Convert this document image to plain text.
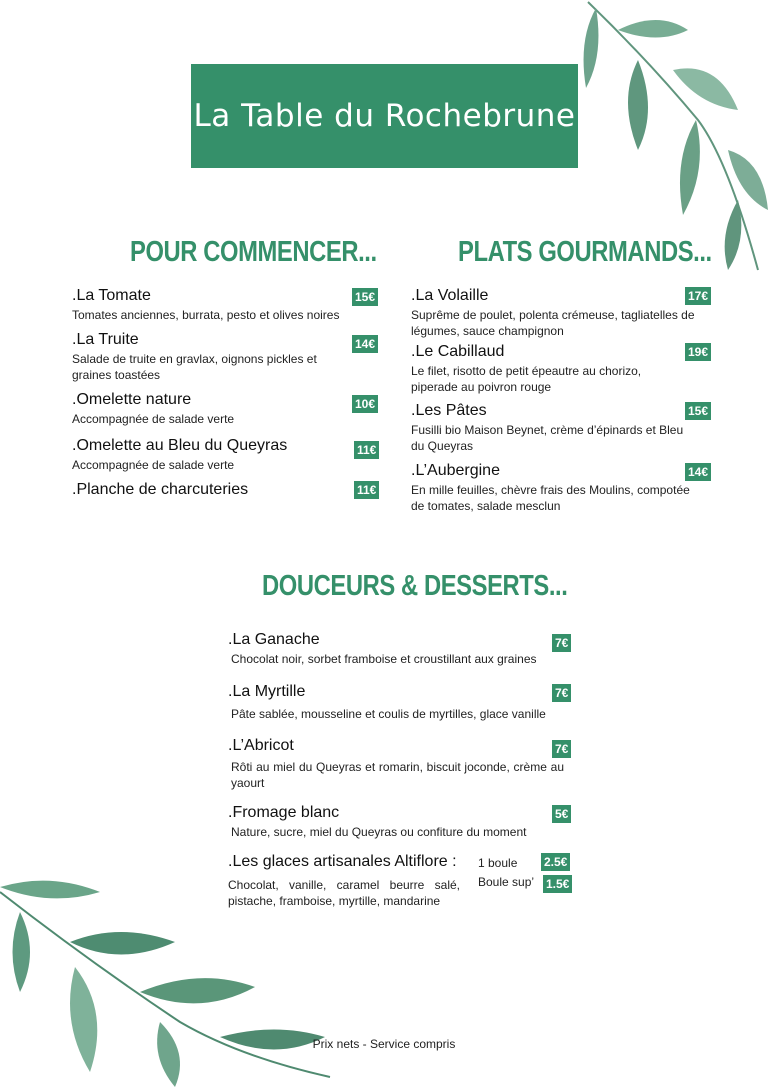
La Table du Rochebrune
POUR COMMENCER...	PLATS GOURMANDS...
DOUCEURS & DESSERTS...
.La Tomate
Tomates anciennes, burrata, pesto et olives noires
15€
.La Truite
Salade de truite en gravlax, oignons pickles et graines toastées
14€
.Omelette nature
Accompagnée de salade verte
10€
.Omelette au Bleu du Queyras
Accompagnée de salade verte
11€
.Planche de charcuteries	11€
.La Volaille
Suprême de poulet, polenta crémeuse, tagliatelles de légumes, sauce champignon
17€
.Le Cabillaud
Le filet, risotto de petit épeautre au chorizo, piperade au poivron rouge
19€
.Les Pâtes
Fusilli bio Maison Beynet, crème d’épinards et Bleu du Queyras
15€
.L’Aubergine
En mille feuilles, chèvre frais des Moulins, compotée de tomates, salade mesclun
14€
.La Ganache
Chocolat noir, sorbet framboise et croustillant aux graines
7€
.La Myrtille
Pâte sablée, mousseline et coulis de myrtilles, glace vanille
7€
.L’Abricot
Rôti au miel du Queyras et romarin, biscuit joconde, crème au yaourt
7€
.Fromage blanc
Nature, sucre, miel du Queyras ou confiture du moment
5€
.Les glaces artisanales Altiflore :
Chocolat, vanille, caramel beurre salé, pistache, framboise, myrtille, mandarine
1 boule 2.5€
Boule sup’ 1.5€
Prix nets - Service compris
